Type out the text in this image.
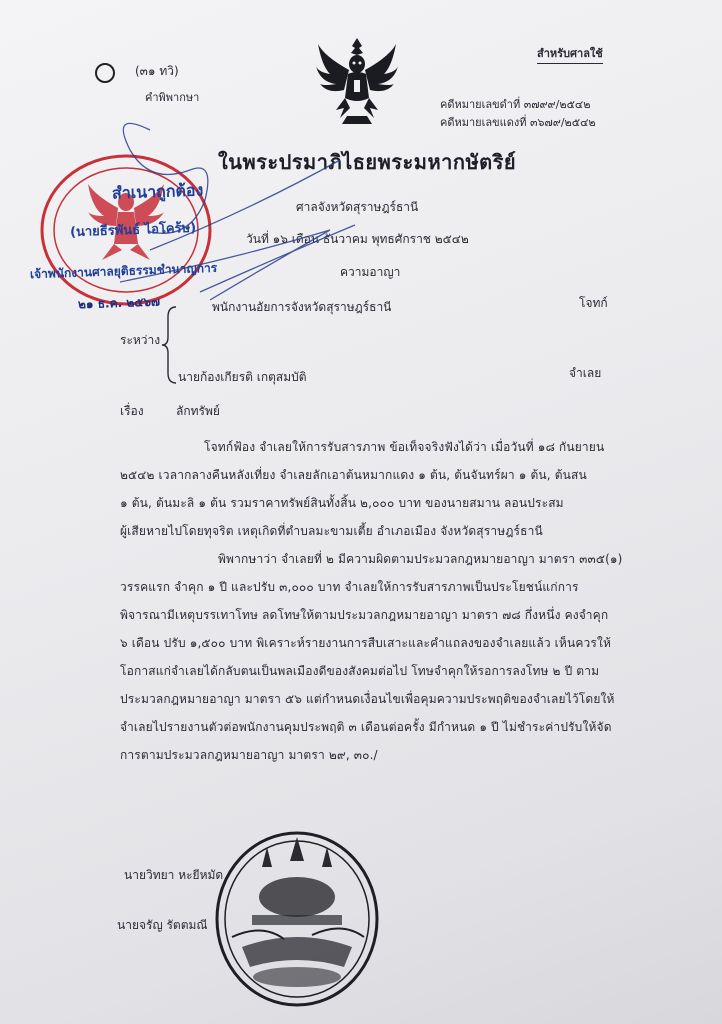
(๓๑ ทวิ)
คำพิพากษา
สำหรับศาลใช้
คดีหมายเลขดำที่ ๓๗๙๙/๒๕๔๒
คดีหมายเลขแดงที่ ๓๖๗๙/๒๕๔๒
ในพระปรมาภิไธยพระมหากษัตริย์
ศาลจังหวัดสุราษฎร์ธานี
วันที่ ๑๖ เดือน ธันวาคม พุทธศักราช ๒๕๔๒
ความอาญา
พนักงานอัยการจังหวัดสุราษฎร์ธานี	โจทก์
ระหว่าง
นายก้องเกียรติ เกตุสมบัติ	จำเลย
เรื่อง	ลักทรัพย์
โจทก์ฟ้อง จำเลยให้การรับสารภาพ ข้อเท็จจริงฟังได้ว่า เมื่อวันที่ ๑๘ กันยายน
๒๕๔๒ เวลากลางคืนหลังเที่ยง จำเลยลักเอาต้นหมากแดง ๑ ต้น, ต้นจันทร์ผา ๑ ต้น, ต้นสน
๑ ต้น, ต้นมะลิ ๑ ต้น รวมราคาทรัพย์สินทั้งสิ้น ๒,๐๐๐ บาท ของนายสมาน ลอนประสม
ผู้เสียหายไปโดยทุจริต เหตุเกิดที่ตำบลมะขามเตี้ย อำเภอเมือง จังหวัดสุราษฎร์ธานี
พิพากษาว่า จำเลยที่ ๒ มีความผิดตามประมวลกฎหมายอาญา มาตรา ๓๓๕(๑)
วรรคแรก จำคุก ๑ ปี และปรับ ๓,๐๐๐ บาท จำเลยให้การรับสารภาพเป็นประโยชน์แก่การ
พิจารณามีเหตุบรรเทาโทษ ลดโทษให้ตามประมวลกฎหมายอาญา มาตรา ๗๘ กึ่งหนึ่ง คงจำคุก
๖ เดือน ปรับ ๑,๕๐๐ บาท พิเคราะห์รายงานการสืบเสาะและคำแถลงของจำเลยแล้ว เห็นควรให้
โอกาสแก่จำเลยได้กลับตนเป็นพลเมืองดีของสังคมต่อไป โทษจำคุกให้รอการลงโทษ ๒ ปี ตาม
ประมวลกฎหมายอาญา มาตรา ๕๖ แต่กำหนดเงื่อนไขเพื่อคุมความประพฤติของจำเลยไว้โดยให้
จำเลยไปรายงานตัวต่อพนักงานคุมประพฤติ ๓ เดือนต่อครั้ง มีกำหนด ๑ ปี ไม่ชำระค่าปรับให้จัด
การตามประมวลกฎหมายอาญา มาตรา ๒๙, ๓๐./
นายวิทยา หะยีหมัด
นายจรัญ รัตตมณี
สำเนาถูกต้อง
(นายธีรพันธ์ ไอโคร้ษ)
เจ้าพนักงานศาลยุติธรรมชำนาญการ
๒๑ ธ.ค. ๒๕๖๗
